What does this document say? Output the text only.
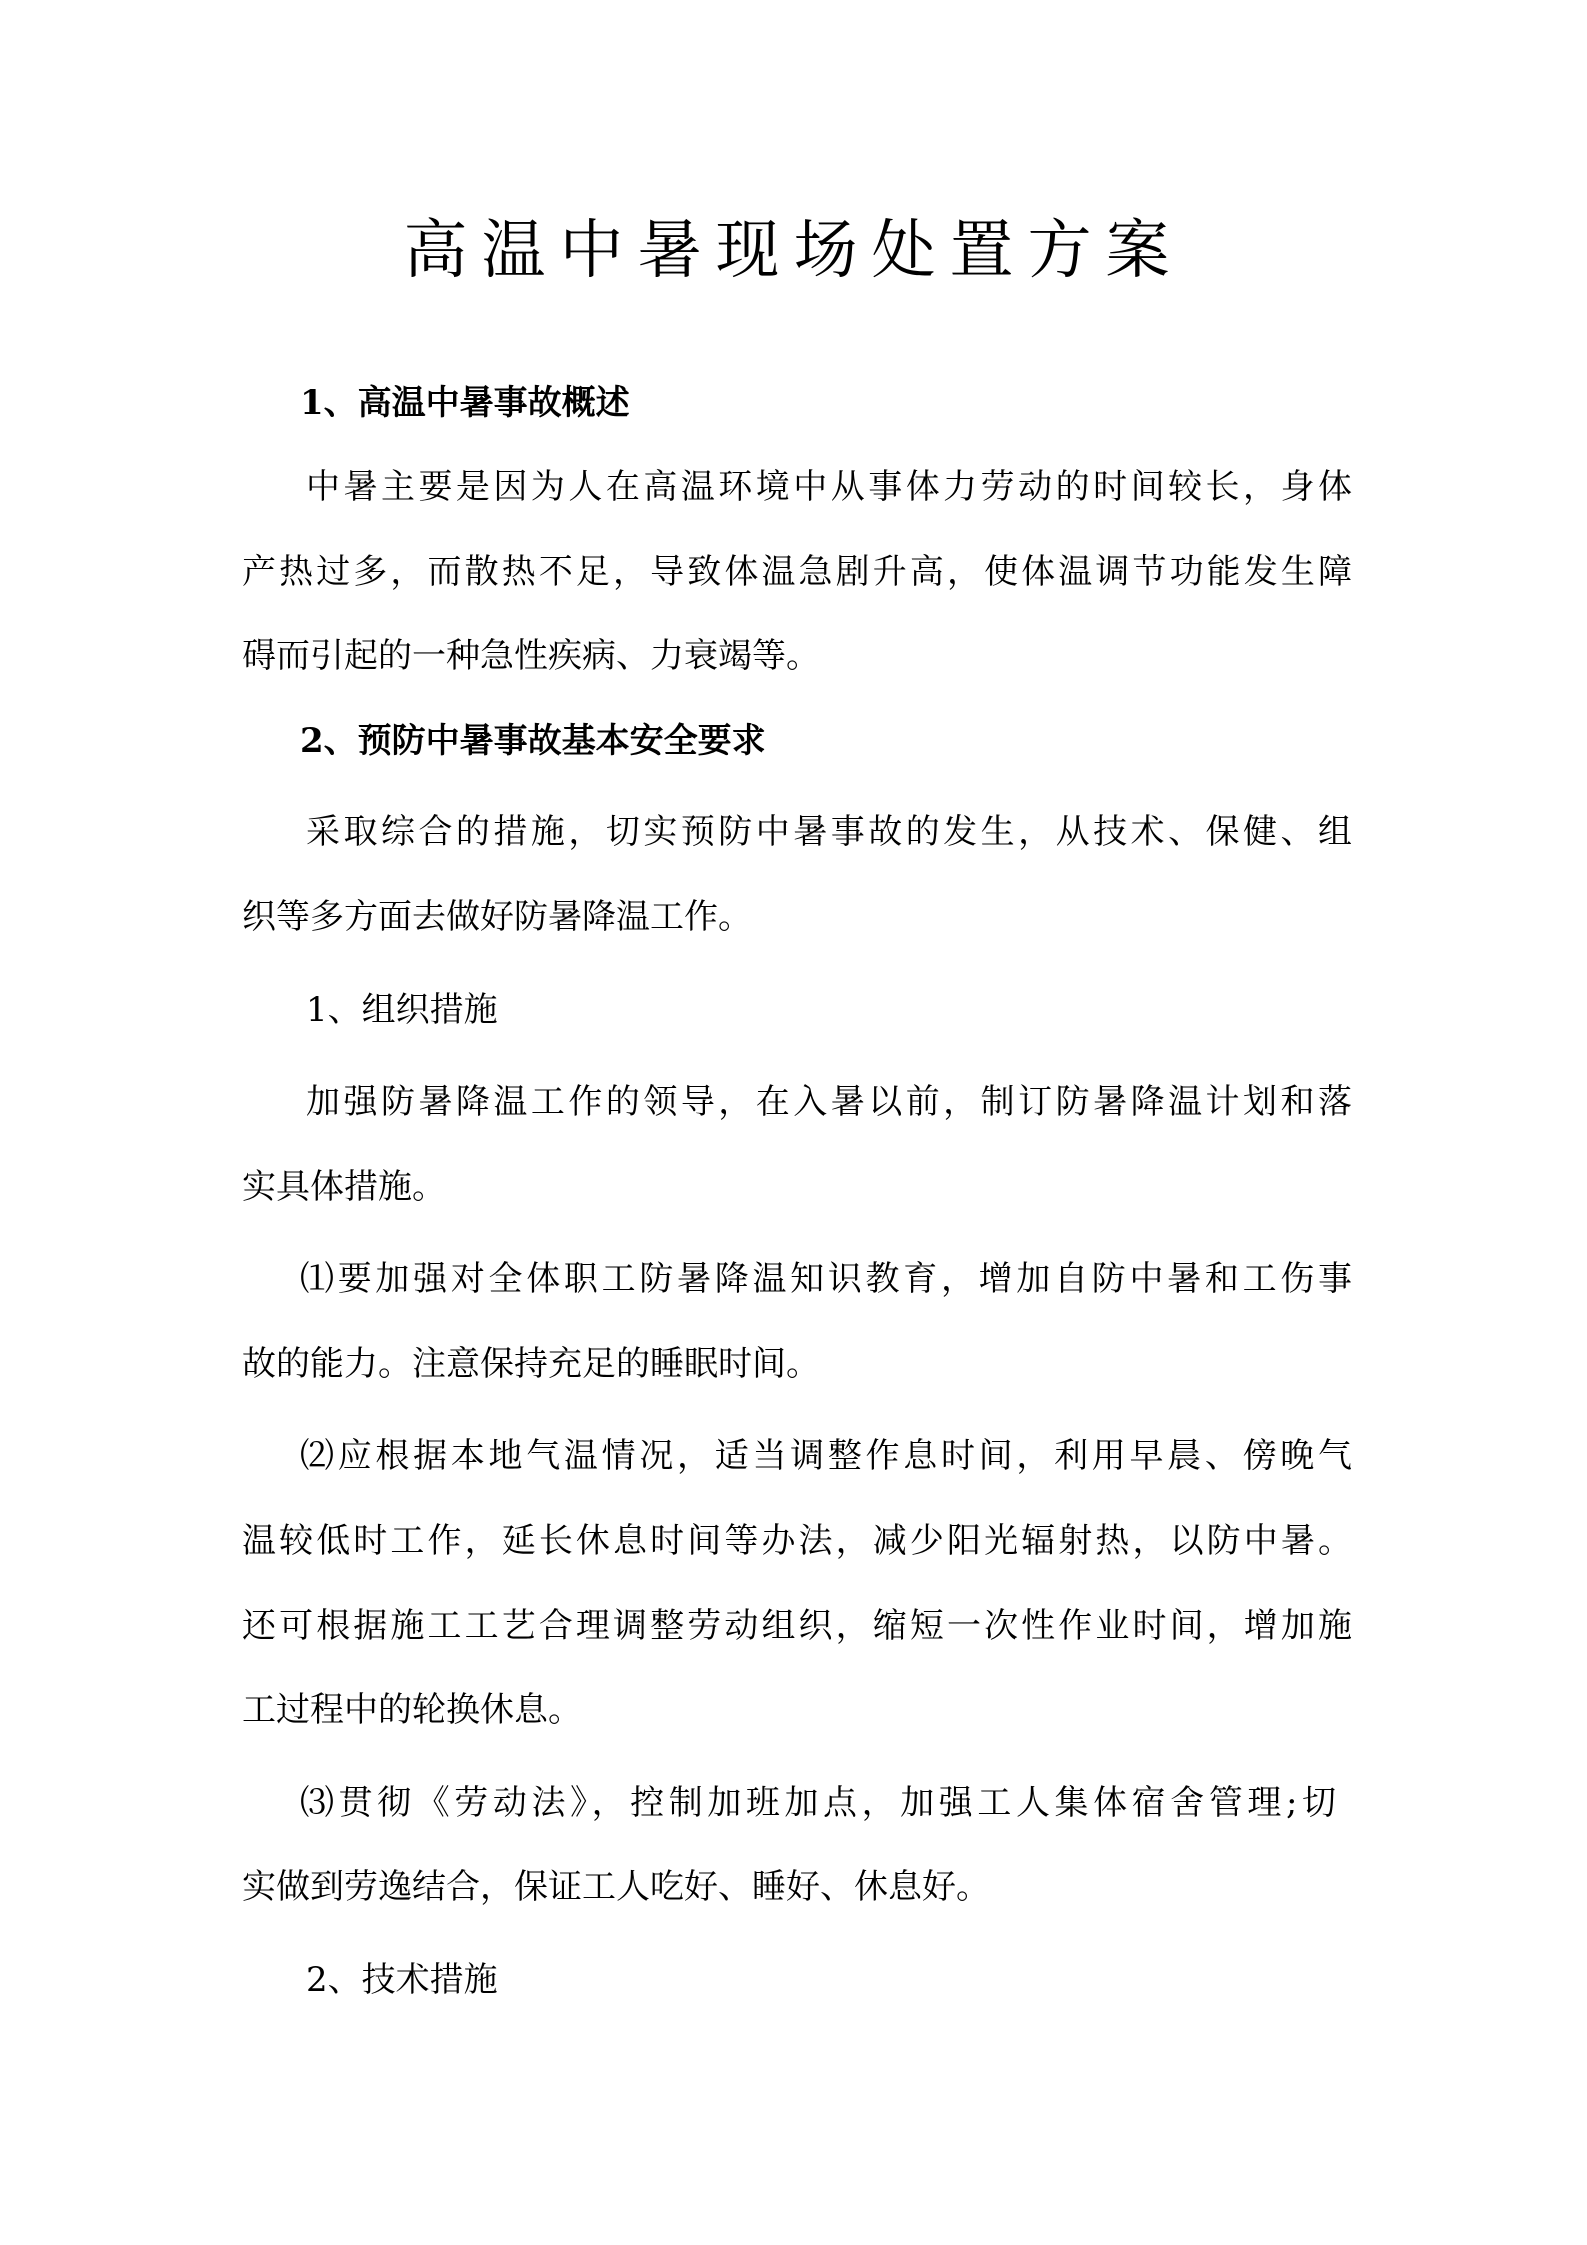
高温中暑现场处置方案

1、高温中暑事故概述

中暑主要是因为人在高温环境中从事体力劳动的时间较长，身体

产热过多，而散热不足，导致体温急剧升高，使体温调节功能发生障

碍而引起的一种急性疾病、力衰竭等。

2、预防中暑事故基本安全要求

采取综合的措施，切实预防中暑事故的发生，从技术、保健、组

织等多方面去做好防暑降温工作。

1、组织措施

加强防暑降温工作的领导，在入暑以前，制订防暑降温计划和落

实具体措施。

⑴要加强对全体职工防暑降温知识教育，增加自防中暑和工伤事

故的能力。注意保持充足的睡眠时间。

⑵应根据本地气温情况，适当调整作息时间，利用早晨、傍晚气

温较低时工作，延长休息时间等办法，减少阳光辐射热，以防中暑。

还可根据施工工艺合理调整劳动组织，缩短一次性作业时间，增加施

工过程中的轮换休息。

⑶贯彻《劳动法》，控制加班加点，加强工人集体宿舍管理;切

实做到劳逸结合，保证工人吃好、睡好、休息好。

2、技术措施
